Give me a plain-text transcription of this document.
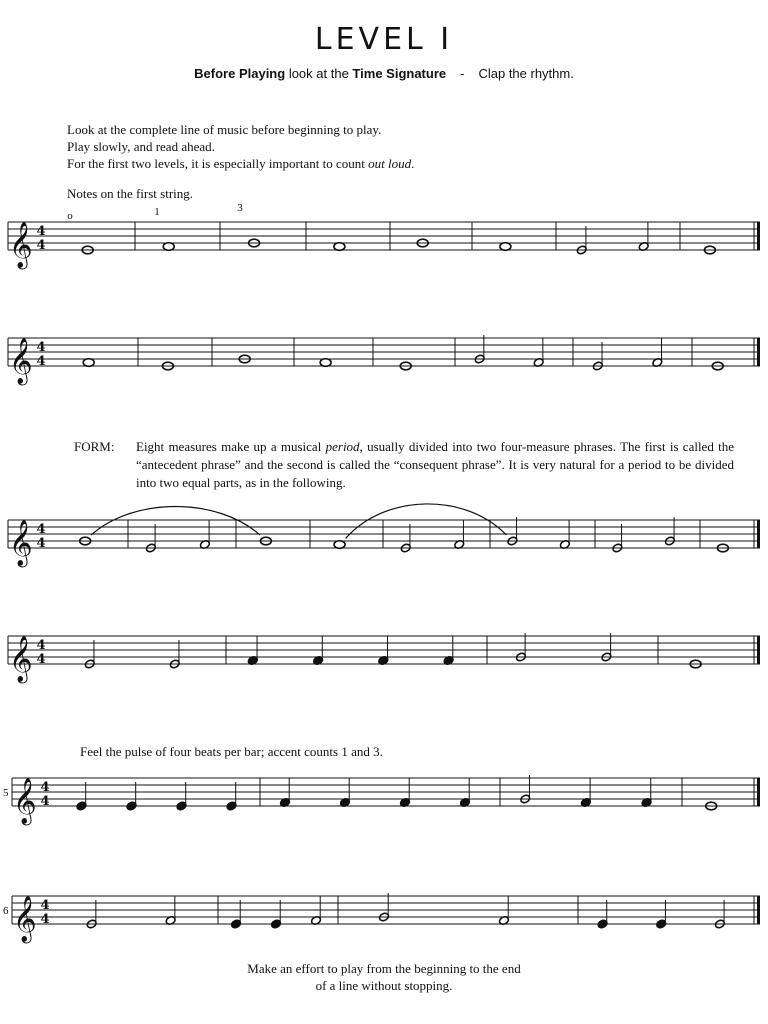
LEVEL I
Before Playing look at the Time Signature - Clap the rhythm.
Look at the complete line of music before beginning to play.
Play slowly, and read ahead.
For the first two levels, it is especially important to count out loud.
Notes on the first string.
FORM: Eight measures make up a musical period, usually divided into two four-measure phrases. The first is called the “antecedent phrase” and the second is called the “consequent phrase”. It is very natural for a period to be divided into two equal parts, as in the following.
Feel the pulse of four beats per bar; accent counts 1 and 3.
Make an effort to play from the beginning to the end
of a line without stopping.
𝄞 4
4
o	1	3
𝄞 4
4
𝄞 4
4
𝄞 4
4
𝄞 4
4
5
𝄞 4
4
6
